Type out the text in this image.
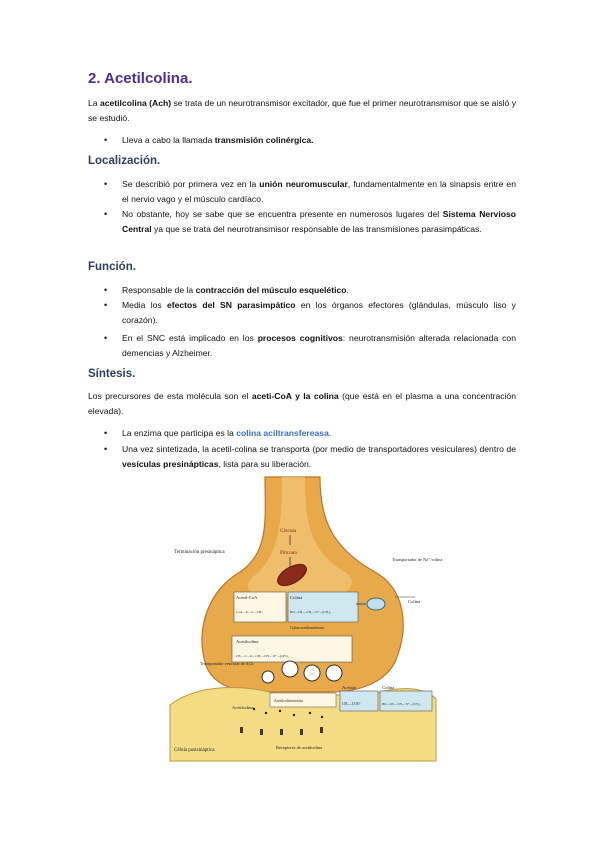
2. Acetilcolina.
La acetilcolina (Ach) se trata de un neurotransmisor excitador, que fue el primer neurotransmisor que se aisló y se estudió.
• Lleva a cabo la llamada transmisión colinérgica.
Localización.
• Se describió por primera vez en la unión neuromuscular, fundamentalmente en la sinapsis entre en el nervio vago y el músculo cardíaco.
• No obstante, hoy se sabe que se encuentra presente en numerosos lugares del Sistema Nervioso Central ya que se trata del neurotransmisor responsable de las transmisiones parasimpáticas.
Función.
• Responsable de la contracción del músculo esquelético.
• Media los efectos del SN parasimpático en los órganos efectores (glándulas, músculo liso y corazón).
• En el SNC está implicado en los procesos cognitivos: neurotransmisión alterada relacionada con demencias y Alzheimer.
Síntesis.
Los precursores de esta molécula son el aceti-CoA y la colina (que está en el plasma a una concentración elevada).
• La enzima que participa es la colina aciltransfereasa.
• Una vez sintetizada, la acetil-colina se transporta (por medio de transportadores vesiculares) dentro de vesículas presinápticas, lista para su liberación.
Terminación presináptica
Glucosa
Piruvato
Acetil-CoA
CoA—S—C—CH₃
Colina
HO—CH₂—CH₂—N⁺—(CH₃)₃
Colina acetiltransferasa
Transportador de Na⁺/colina
Colina
Acetilcolina
CH₃—C—O—CH₂—CH₂—N⁺—(CH₃)₃
Transportador vesicular de ACh
Acetato
CH₃—COO⁻
Colina
HO—CH₂—CH₂—N⁺—(CH₃)₃
Acetilcolinesterasa
Acetilcolina
Receptores de acetilcolina
Célula postsináptica
